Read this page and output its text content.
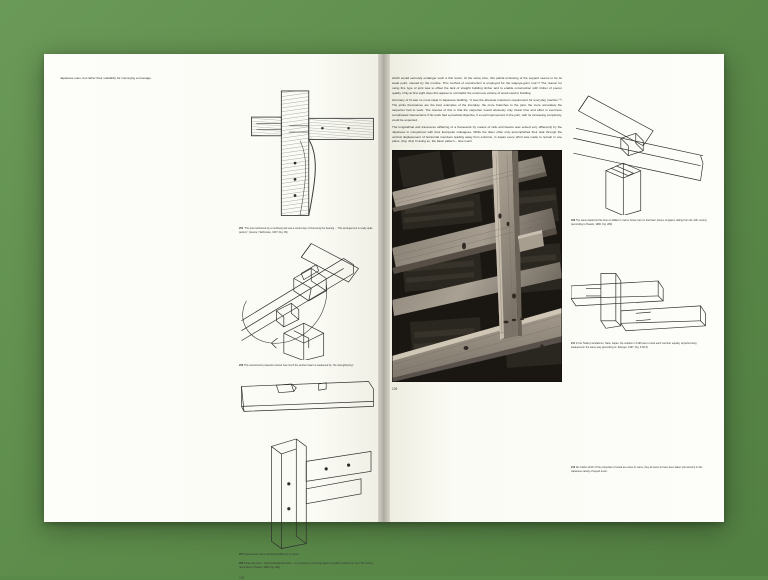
Japanese ones, but rather their suitability for conveying a message.

205 “The post reinforced by a morticed jowl was a useful way of improving the bearing ... This arrangement is really quite perfect.” (source: Harthsman, 1937, Fig. 99)
206 This axonometric projection shows how much the anchor beam is weakened by “the strengthening”.
207 Keyed tenons were reinforced differently in Japan.
208 Three-way joint – columns/header/tie beam – on a granary in Cressing, Essex, England, dating from the 17th century (according to Hewett, 1980, Fig. 281)
108

which would seriously endanger such a thin tenon. At the same time, this partial enclosing of the support seems to be its weak point, caused by the mortise. This method of construction is employed for the wagoya-gumi roof.¹7 The reason for using this type of joint was to offset the lack of straight building timber and to enable construction with timber of poorer quality. Only at first sight does this appear to contradict the enormous volume of wood used in building.

Accuracy of fit was no more ideal in Japanese building. “It was the absolute maximum requirement for everyday practice.”⁹¹ The joints themselves are the best examples of the interplay: the more branches to the joint, the more accurately the carpenter had to work. The reverse of this is that the carpenter would obviously only invest time and effort in evermore complicated intersections if his work had a practical objective, if a real improvement in the joint, with its increasing complexity, could be expected.

The longitudinal and transverse stiffening of a framework by means of rails and beams was solved very differently by the Japanese in comparison with their European colleagues. While the latter often only accomplished their task through the vertical displacement of horizontal members leading away from columns, in Japan every effort was made to remain in one plane. (Fig. 211) In doing so, the basic pattern – how much

109
209 The same detail but this time on Walker’s manor house barn in Farnham, Essex, England, dating from the 11th century (according to Hewett, 1980, Fig. 280)
211 In the Todai-ji nandaimon, Nara, Japan, the solution in 1199 was to treat each member equally, all parts being weakened in the same way (according to: Zwerger, 1997, Fig. 4-60 ff)
210 No matter which of the properties of wood are cares to name, they all seem to have been taken into account in this Japanese variety of keyed tenon.
